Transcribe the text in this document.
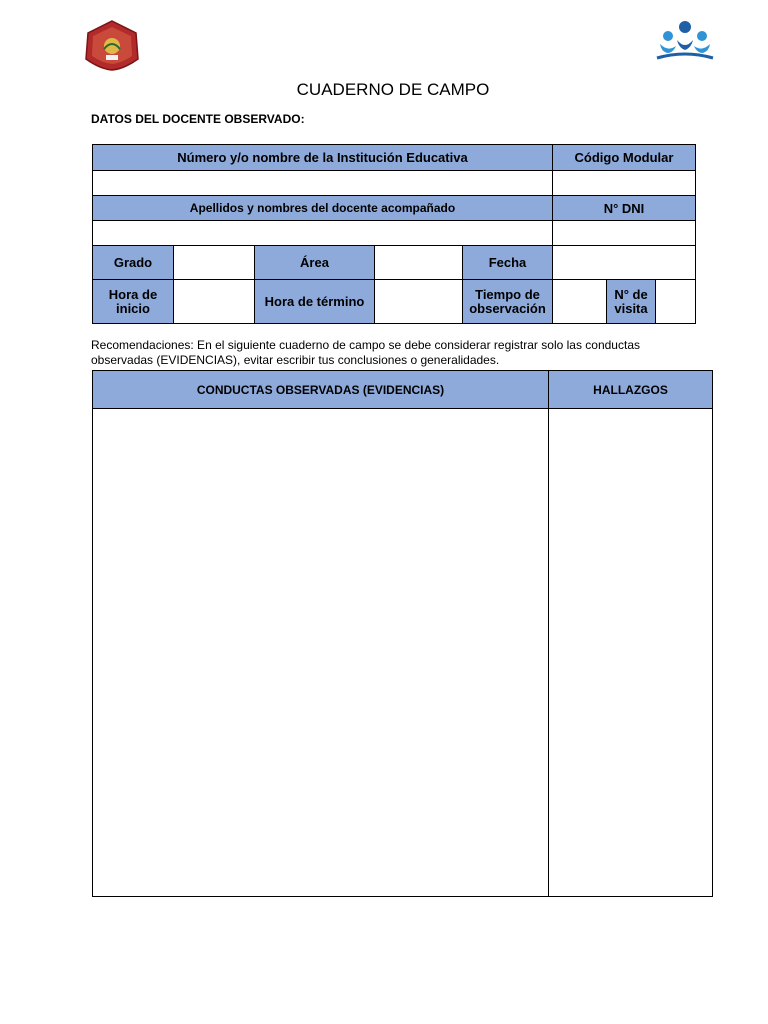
CUADERNO DE CAMPO
DATOS DEL DOCENTE OBSERVADO:
Número y/o nombre de la Institución Educativa	Código Modular

Apellidos y nombres del docente acompañado	N° DNI

Grado		Área		Fecha			
Hora de inicio		Hora de término		Tiempo de observación		N° de visita	
Recomendaciones: En el siguiente cuaderno de campo se debe considerar registrar solo las conductas observadas (EVIDENCIAS), evitar escribir tus conclusiones o generalidades.
CONDUCTAS OBSERVADAS (EVIDENCIAS)	HALLAZGOS
